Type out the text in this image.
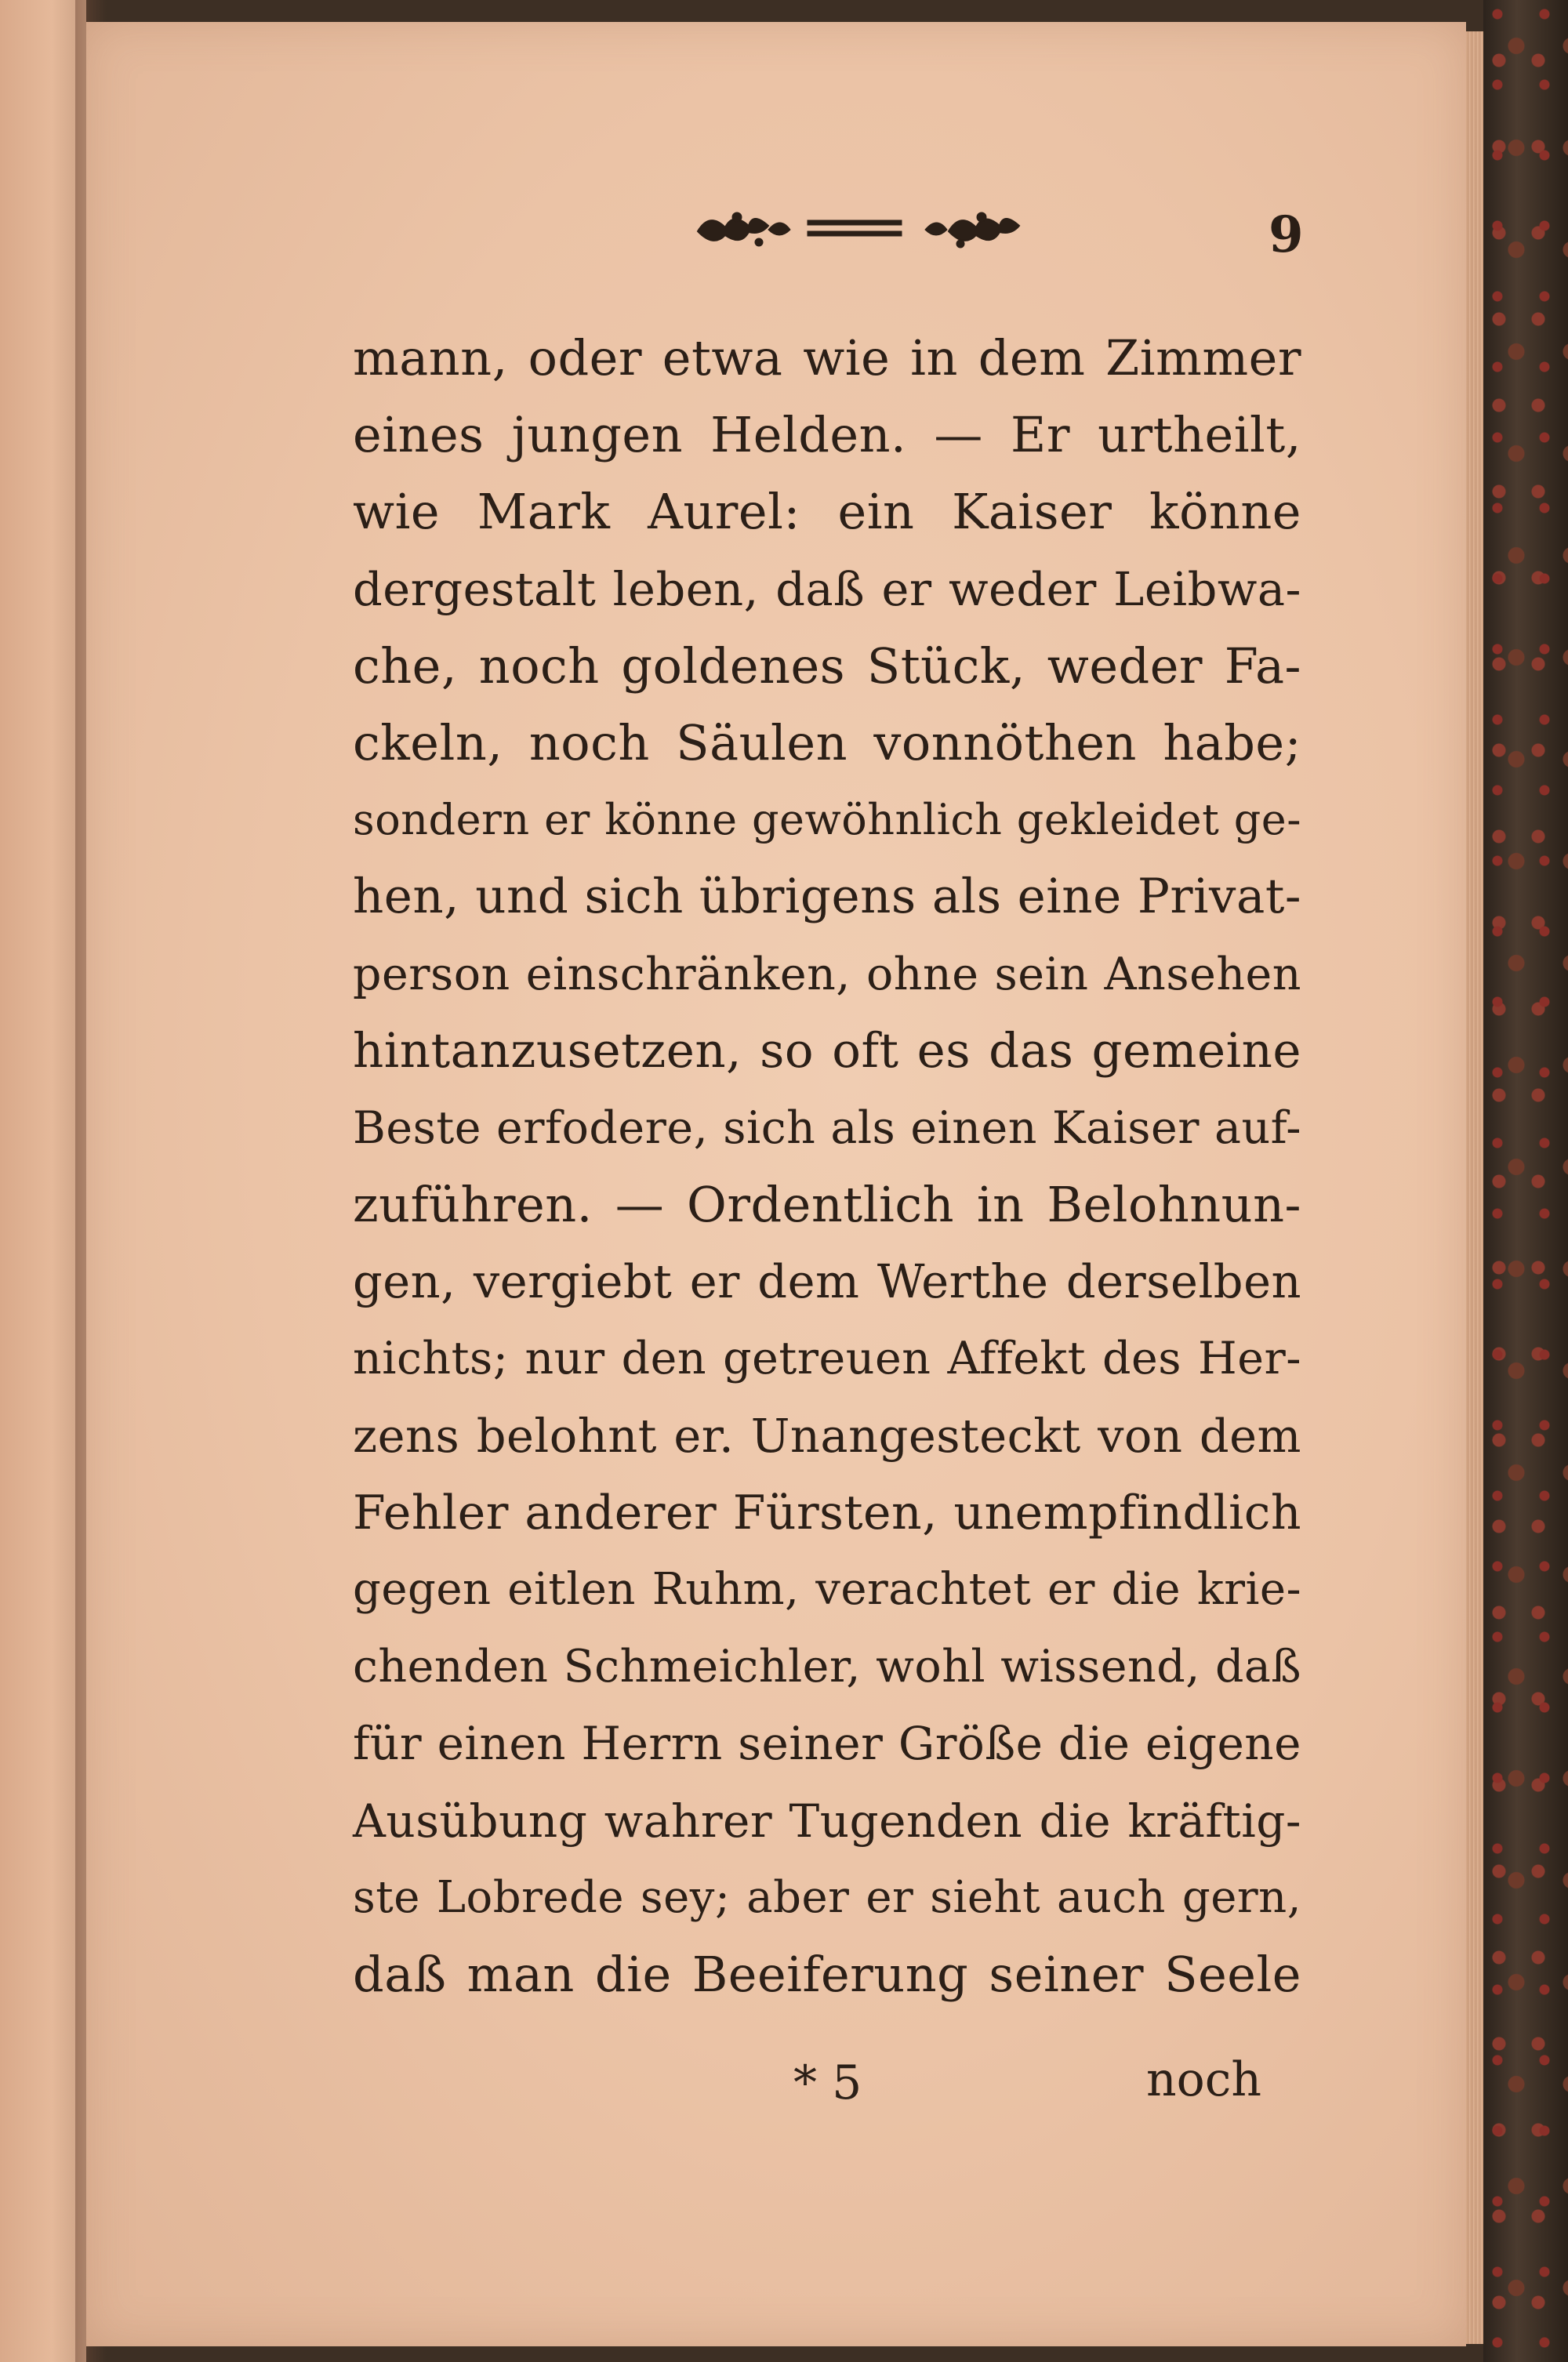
9
mann, oder etwa wie in dem Zimmer
eines jungen Helden. — Er urtheilt,
wie Mark Aurel: ein Kaiser könne
dergestalt leben, daß er weder Leibwa-
che, noch goldenes Stück, weder Fa-
ckeln, noch Säulen vonnöthen habe;
sondern er könne gewöhnlich gekleidet ge-
hen, und sich übrigens als eine Privat-
person einschränken, ohne sein Ansehen
hintanzusetzen, so oft es das gemeine
Beste erfodere, sich als einen Kaiser auf-
zuführen. — Ordentlich in Belohnun-
gen, vergiebt er dem Werthe derselben
nichts; nur den getreuen Affekt des Her-
zens belohnt er. Unangesteckt von dem
Fehler anderer Fürsten, unempfindlich
gegen eitlen Ruhm, verachtet er die krie-
chenden Schmeichler, wohl wissend, daß
für einen Herrn seiner Größe die eigene
Ausübung wahrer Tugenden die kräftig-
ste Lobrede sey; aber er sieht auch gern,
daß man die Beeiferung seiner Seele
* 5	noch
